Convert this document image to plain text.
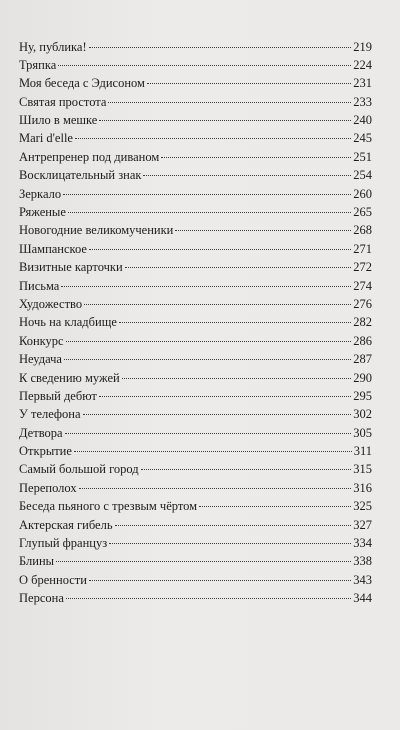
Ну, публика!	219
Тряпка	224
Моя беседа с Эдисоном	231
Святая простота	233
Шило в мешке	240
Mari d'elle	245
Антрепренер под диваном	251
Восклицательный знак	254
Зеркало	260
Ряженые	265
Новогодние великомученики	268
Шампанское	271
Визитные карточки	272
Письма	274
Художество	276
Ночь на кладбище	282
Конкурс	286
Неудача	287
К сведению мужей	290
Первый дебют	295
У телефона	302
Детвора	305
Открытие	311
Самый большой город	315
Переполох	316
Беседа пьяного с трезвым чёртом	325
Актерская гибель	327
Глупый француз	334
Блины	338
О бренности	343
Персона	344
